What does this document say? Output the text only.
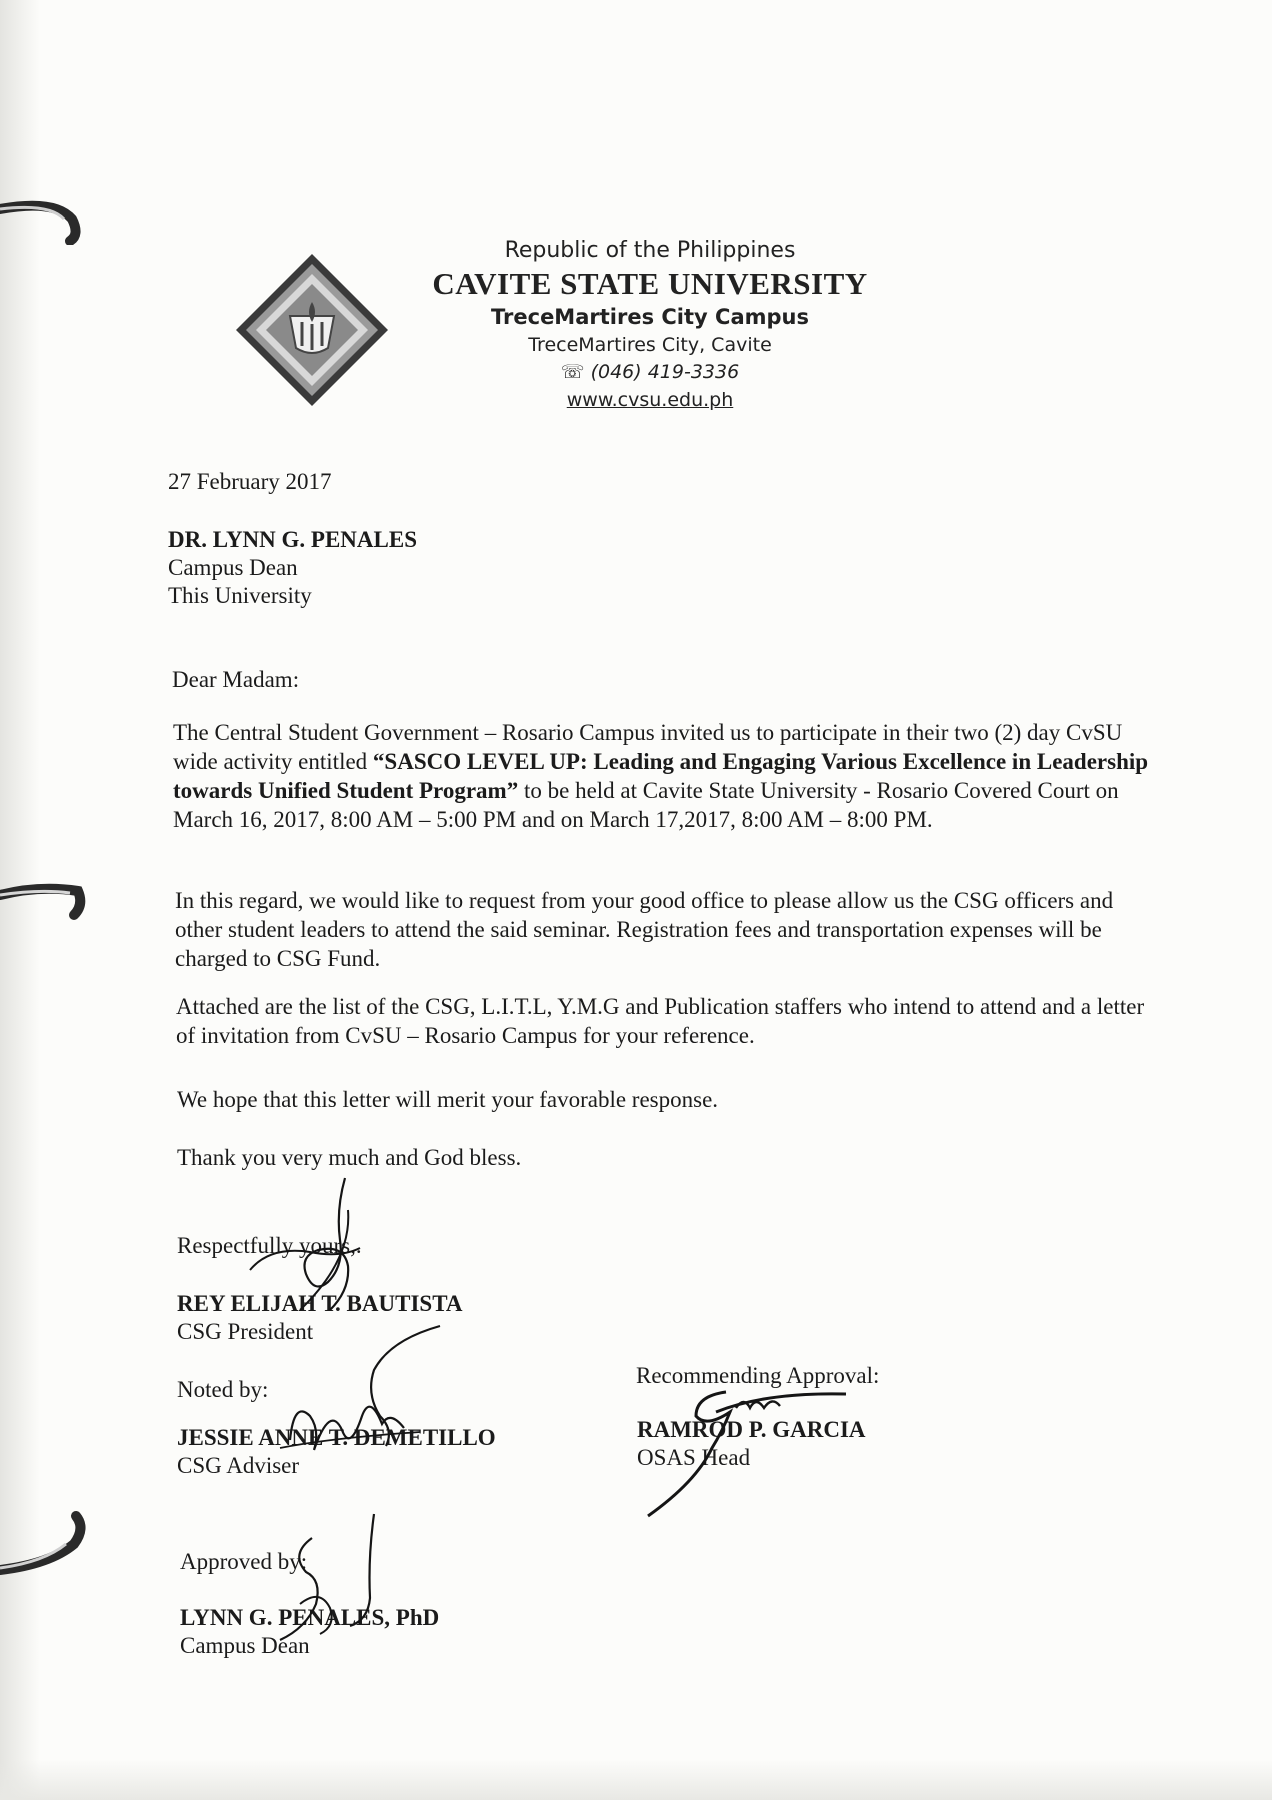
Republic of the Philippines
CAVITE STATE UNIVERSITY
TreceMartires City Campus
TreceMartires City, Cavite
☏ (046) 419-3336
www.cvsu.edu.ph
27 February 2017
DR. LYNN G. PENALES
Campus Dean
This University
Dear Madam:
The Central Student Government – Rosario Campus invited us to participate in their two (2) day CvSU wide activity entitled “SASCO LEVEL UP: Leading and Engaging Various Excellence in Leadership towards Unified Student Program” to be held at Cavite State University - Rosario Covered Court on March 16, 2017, 8:00 AM – 5:00 PM and on March 17,2017, 8:00 AM – 8:00 PM.
In this regard, we would like to request from your good office to please allow us the CSG officers and other student leaders to attend the said seminar. Registration fees and transportation expenses will be charged to CSG Fund.
Attached are the list of the CSG, L.I.T.L, Y.M.G and Publication staffers who intend to attend and a letter of invitation from CvSU – Rosario Campus for your reference.
We hope that this letter will merit your favorable response.
Thank you very much and God bless.
Respectfully yours,.
REY ELIJAH T. BAUTISTA
CSG President
Noted by:
JESSIE ANNE T. DEMETILLO
CSG Adviser
Recommending Approval:
RAMROD P. GARCIA
OSAS Head
Approved by:
LYNN G. PENALES, PhD
Campus Dean
